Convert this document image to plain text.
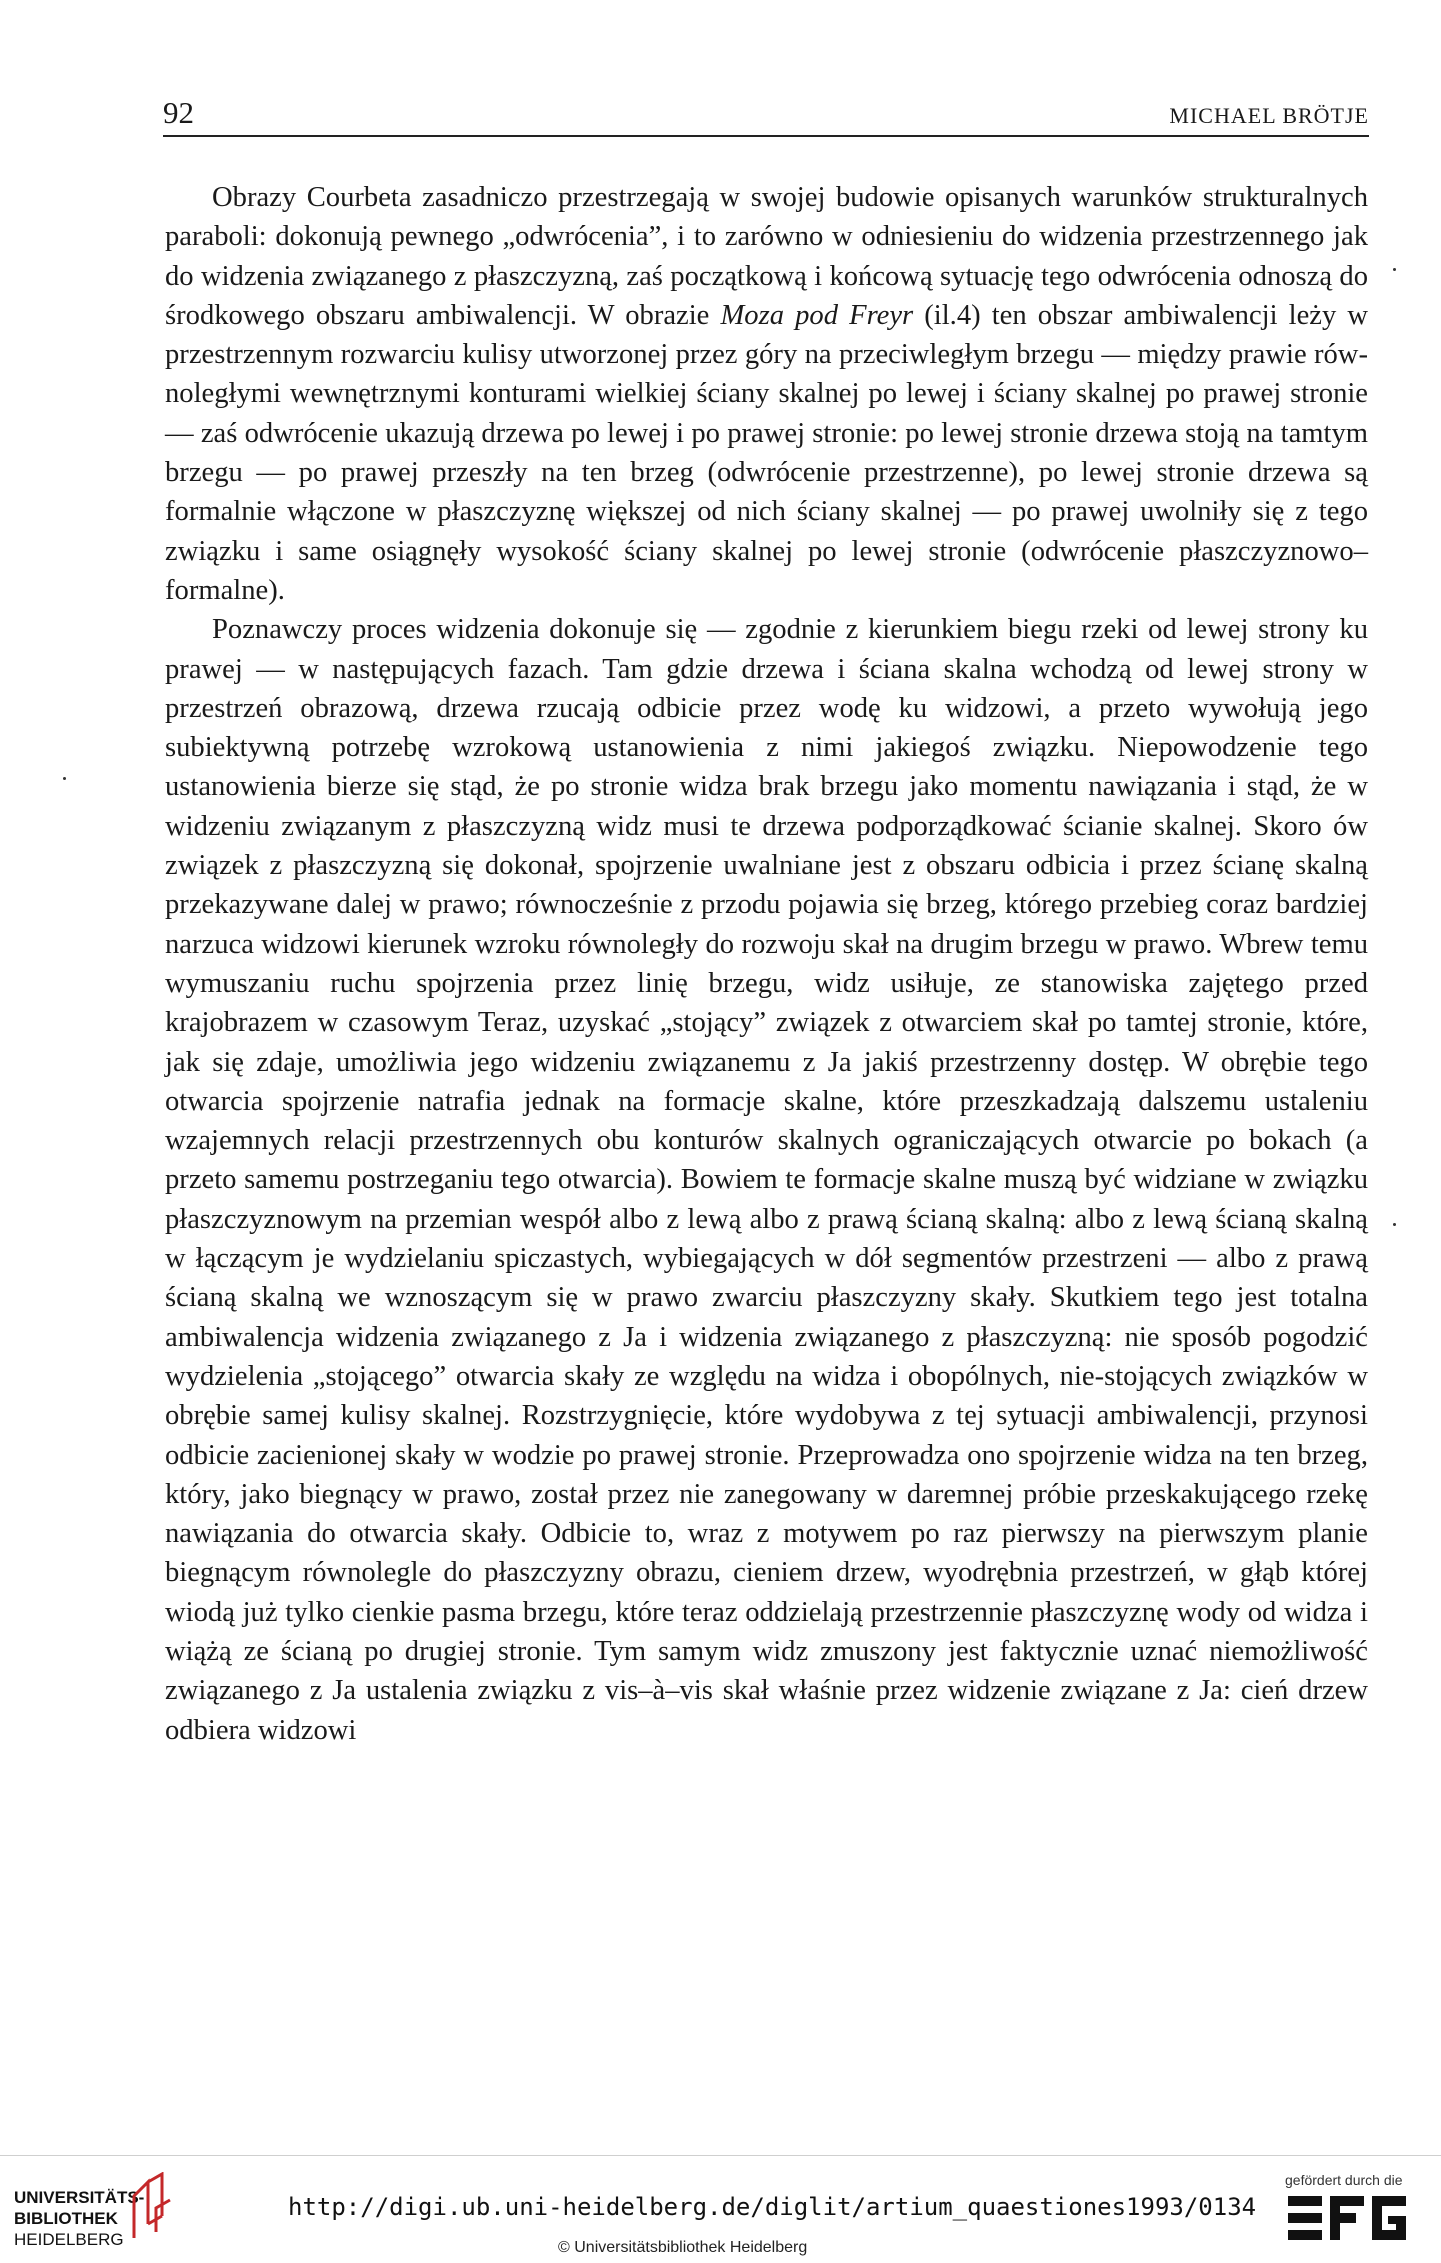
92	MICHAEL BRÖTJE

Obrazy Courbeta zasadniczo przestrzegają w swojej budowie opisanych warunków strukturalnych paraboli: dokonują pewnego „odwrócenia”, i to zarówno w odniesieniu do widzenia przestrzennego jak do widzenia związanego z płaszczyzną, zaś początkową i końcową sytuację tego odwrócenia odnoszą do środkowego obszaru ambiwalencji. W obrazie Moza pod Freyr (il.4) ten obszar ambiwalencji leży w przestrzennym rozwarciu kulisy utworzonej przez góry na przeciwległym brzegu — między prawie równoległymi wewnętrznymi konturami wielkiej ściany skalnej po lewej i ściany skalnej po prawej stronie — zaś odwrócenie ukazują drzewa po lewej i po prawej stronie: po lewej stronie drzewa stoją na tamtym brzegu — po prawej przeszły na ten brzeg (odwrócenie przestrzenne), po lewej stronie drzewa są formalnie włączone w płaszczyznę większej od nich ściany skalnej — po prawej uwolniły się z tego związku i same osiągnęły wysokość ściany skalnej po lewej stronie (odwrócenie płaszczyznowo–formalne).

Poznawczy proces widzenia dokonuje się — zgodnie z kierunkiem biegu rzeki od lewej strony ku prawej — w następujących fazach. Tam gdzie drzewa i ściana skalna wchodzą od lewej strony w przestrzeń obrazową, drzewa rzucają odbicie przez wodę ku widzowi, a przeto wywołują jego subiektywną potrzebę wzrokową ustanowienia z nimi jakiegoś związku. Niepowodzenie tego ustanowienia bierze się stąd, że po stronie widza brak brzegu jako momentu nawiązania i stąd, że w widzeniu związanym z płaszczyzną widz musi te drzewa podporządkować ścianie skalnej. Skoro ów związek z płaszczyzną się dokonał, spojrzenie uwalniane jest z obszaru odbicia i przez ścianę skalną przekazywane dalej w prawo; równocześnie z przodu pojawia się brzeg, którego przebieg coraz bardziej narzuca widzowi kierunek wzroku równoległy do rozwoju skał na drugim brzegu w prawo. Wbrew temu wymuszaniu ruchu spojrzenia przez linię brzegu, widz usiłuje, ze stanowiska zajętego przed krajobrazem w czasowym Teraz, uzyskać „stojący” związek z otwarciem skał po tamtej stronie, które, jak się zdaje, umożliwia jego widzeniu związanemu z Ja jakiś przestrzenny dostęp. W obrębie tego otwarcia spojrzenie natrafia jednak na formacje skalne, które przeszkadzają dalszemu ustaleniu wzajemnych relacji przestrzennych obu konturów skalnych ograniczających otwarcie po bokach (a przeto samemu postrzeganiu tego otwarcia). Bowiem te formacje skalne muszą być widziane w związku płaszczyznowym na przemian wespół albo z lewą albo z prawą ścianą skalną: albo z lewą ścianą skalną w łączącym je wydzielaniu spiczastych, wybiegających w dół segmentów przestrzeni — albo z prawą ścianą skalną we wznoszącym się w prawo zwarciu płaszczyzny skały. Skutkiem tego jest totalna ambiwalencja widzenia związanego z Ja i widzenia związanego z płaszczyzną: nie sposób pogodzić wydzielenia „stojącego” otwarcia skały ze względu na widza i obopólnych, nie-stojących związków w obrębie samej kulisy skalnej. Rozstrzygnięcie, które wydobywa z tej sytuacji ambiwalencji, przynosi odbicie zacienionej skały w wodzie po prawej stronie. Przeprowadza ono spojrzenie widza na ten brzeg, który, jako biegnący w prawo, został przez nie zanegowany w daremnej próbie przeskakującego rzekę nawiązania do otwarcia skały. Odbicie to, wraz z motywem po raz pierwszy na pierwszym planie biegnącym równolegle do płaszczyzny obrazu, cieniem drzew, wyodrębnia przestrzeń, w głąb której wiodą już tylko cienkie pasma brzegu, które teraz oddzielają przestrzennie płaszczyznę wody od widza i wiążą ze ścianą po drugiej stronie. Tym samym widz zmuszony jest faktycznie uznać niemożliwość związanego z Ja ustalenia związku z vis–à–vis skał właśnie przez widzenie związane z Ja: cień drzew odbiera widzowi

UNIVERSITÄTS-
BIBLIOTHEK
HEIDELBERG
http://digi.ub.uni-heidelberg.de/diglit/artium_quaestiones1993/0134
© Universitätsbibliothek Heidelberg
gefördert durch die
